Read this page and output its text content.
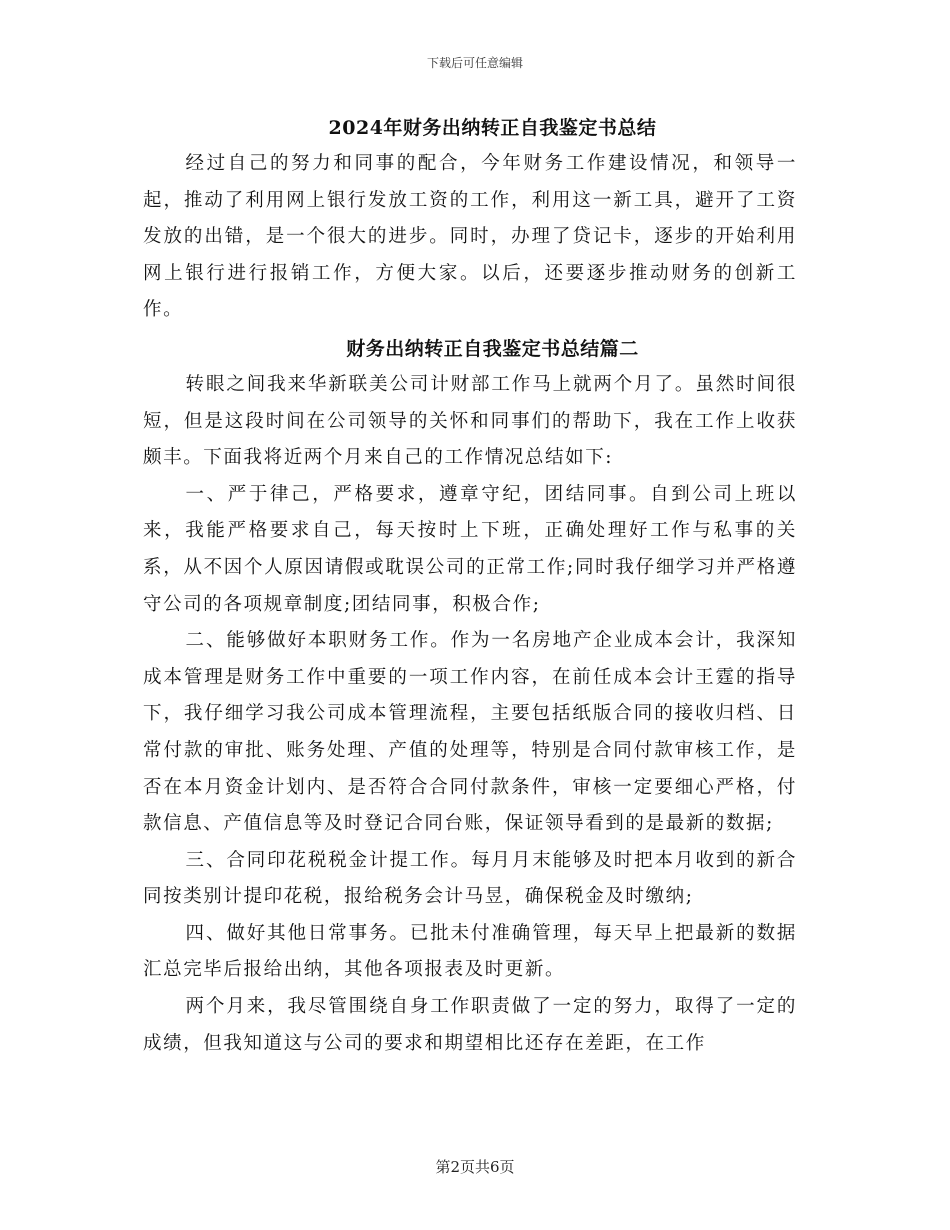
下载后可任意编辑
2024年财务出纳转正自我鉴定书总结

经过自己的努力和同事的配合，今年财务工作建设情况，和领导一起，推动了利用网上银行发放工资的工作，利用这一新工具，避开了工资发放的出错，是一个很大的进步。同时，办理了贷记卡，逐步的开始利用网上银行进行报销工作，方便大家。以后，还要逐步推动财务的创新工作。

财务出纳转正自我鉴定书总结篇二

转眼之间我来华新联美公司计财部工作马上就两个月了。虽然时间很短，但是这段时间在公司领导的关怀和同事们的帮助下，我在工作上收获颇丰。下面我将近两个月来自己的工作情况总结如下:

一、严于律己，严格要求，遵章守纪，团结同事。自到公司上班以来，我能严格要求自己，每天按时上下班，正确处理好工作与私事的关系，从不因个人原因请假或耽误公司的正常工作;同时我仔细学习并严格遵守公司的各项规章制度;团结同事，积极合作;

二、能够做好本职财务工作。作为一名房地产企业成本会计，我深知成本管理是财务工作中重要的一项工作内容，在前任成本会计王霆的指导下，我仔细学习我公司成本管理流程，主要包括纸版合同的接收归档、日常付款的审批、账务处理、产值的处理等，特别是合同付款审核工作，是否在本月资金计划内、是否符合合同付款条件，审核一定要细心严格，付款信息、产值信息等及时登记合同台账，保证领导看到的是最新的数据;

三、合同印花税税金计提工作。每月月末能够及时把本月收到的新合同按类别计提印花税，报给税务会计马昱，确保税金及时缴纳;

四、做好其他日常事务。已批未付准确管理，每天早上把最新的数据汇总完毕后报给出纳，其他各项报表及时更新。

两个月来，我尽管围绕自身工作职责做了一定的努力，取得了一定的成绩，但我知道这与公司的要求和期望相比还存在差距，在工作

第2页共6页
